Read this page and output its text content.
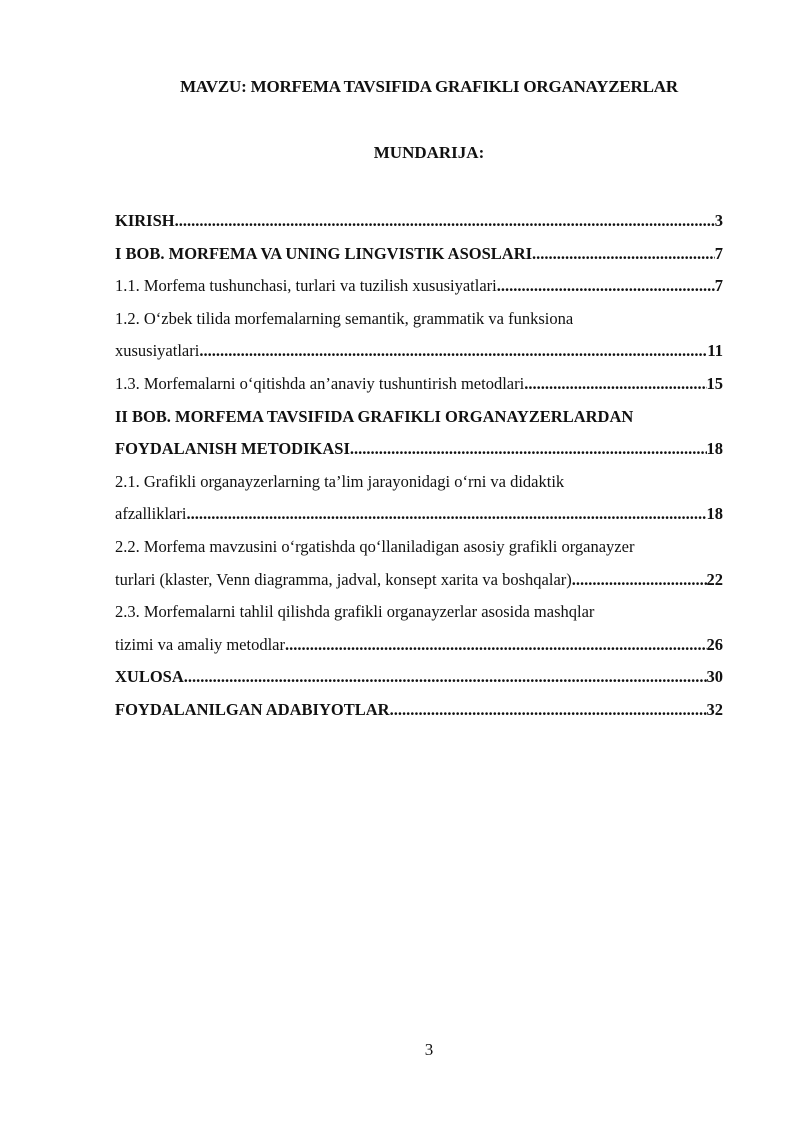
MAVZU: MORFEMA TAVSIFIDA GRAFIKLI ORGANAYZERLAR
MUNDARIJA:
KIRISH .....	3
I BOB. MORFEMA VA UNING LINGVISTIK ASOSLARI .....	7
1.1. Morfema tushunchasi, turlari va tuzilish xususiyatlari .....	7
1.2. O‘zbek tilida morfemalarning semantik, grammatik va funksiona
xususiyatlari .....	11
1.3. Morfemalarni o‘qitishda an’anaviy tushuntirish metodlari .....	15
II BOB. MORFEMA TAVSIFIDA GRAFIKLI ORGANAYZERLARDAN
FOYDALANISH METODIKASI .....	18
2.1. Grafikli organayzerlarning ta’lim jarayonidagi o‘rni va didaktik
afzalliklari .....	18
2.2. Morfema mavzusini o‘rgatishda qo‘llaniladigan asosiy grafikli organayzer
turlari (klaster, Venn diagramma, jadval, konsept xarita va boshqalar) .....	22
2.3. Morfemalarni tahlil qilishda grafikli organayzerlar asosida mashqlar
tizimi va amaliy metodlar .....	26
XULOSA .....	30
FOYDALANILGAN ADABIYOTLAR .....	32
3
